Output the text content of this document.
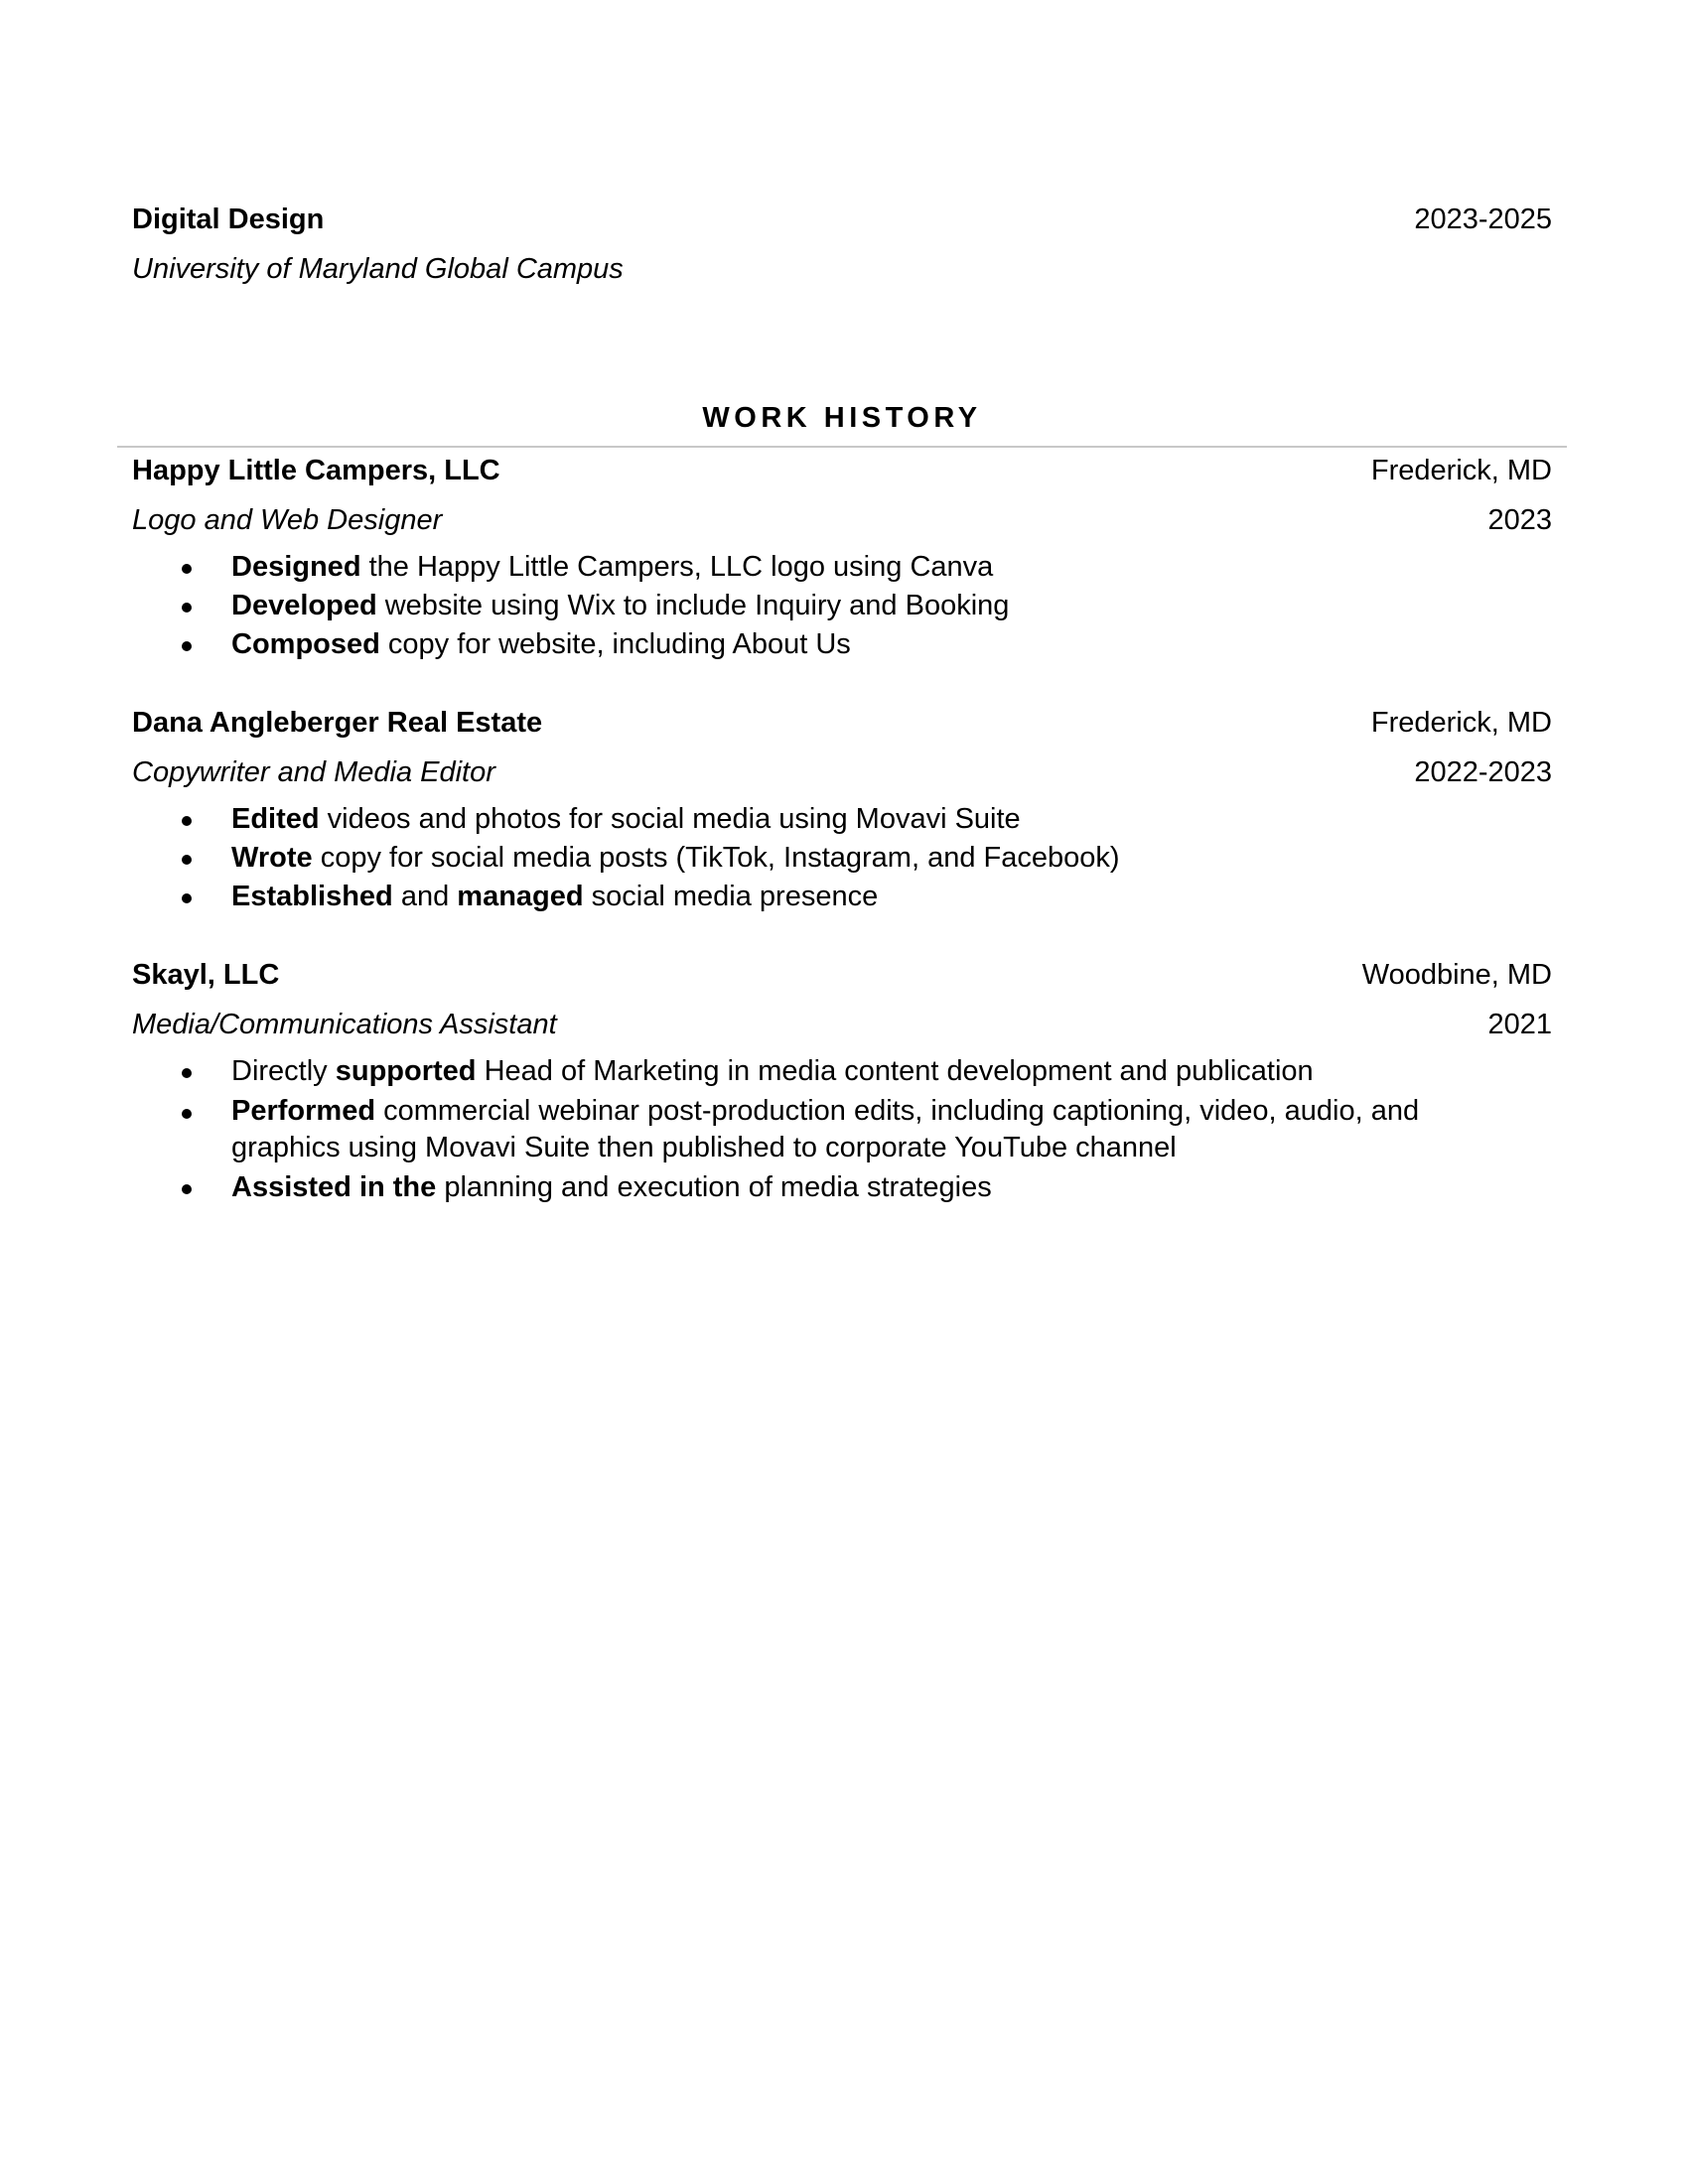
Digital Design	2023-2025
University of Maryland Global Campus
WORK HISTORY
Happy Little Campers, LLC	Frederick, MD
Logo and Web Designer	2023
Designed the Happy Little Campers, LLC logo using Canva
Developed website using Wix to include Inquiry and Booking
Composed copy for website, including About Us
Dana Angleberger Real Estate	Frederick, MD
Copywriter and Media Editor	2022-2023
Edited videos and photos for social media using Movavi Suite
Wrote copy for social media posts (TikTok, Instagram, and Facebook)
Established and managed social media presence
Skayl, LLC	Woodbine, MD
Media/Communications Assistant	2021
Directly supported Head of Marketing in media content development and publication
Performed commercial webinar post-production edits, including captioning, video, audio, and graphics using Movavi Suite then published to corporate YouTube channel
Assisted in the planning and execution of media strategies
